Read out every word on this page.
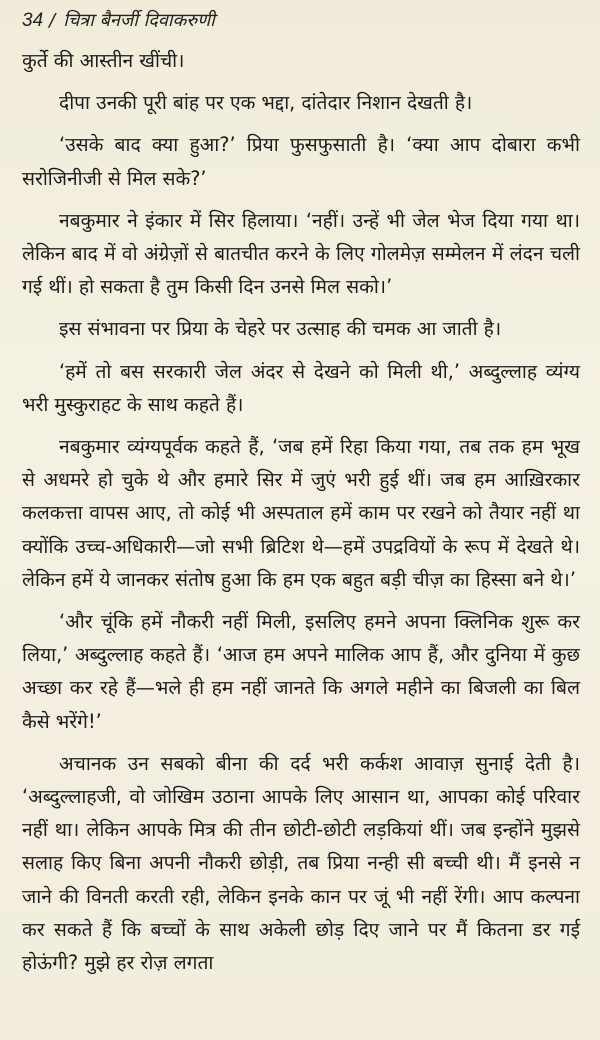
34 / चित्रा बैनर्जी दिवाकरुणी

कुर्ते की आस्तीन खींची।

दीपा उनकी पूरी बांह पर एक भद्दा, दांतेदार निशान देखती है।

‘उसके बाद क्या हुआ?’ प्रिया फुसफुसाती है। ‘क्या आप दोबारा कभी सरोजिनीजी से मिल सके?’

नबकुमार ने इंकार में सिर हिलाया। ‘नहीं। उन्हें भी जेल भेज दिया गया था। लेकिन बाद में वो अंग्रेज़ों से बातचीत करने के लिए गोलमेज़ सम्मेलन में लंदन चली गई थीं। हो सकता है तुम किसी दिन उनसे मिल सको।’

इस संभावना पर प्रिया के चेहरे पर उत्साह की चमक आ जाती है।

‘हमें तो बस सरकारी जेल अंदर से देखने को मिली थी,’ अब्दुल्लाह व्यंग्य भरी मुस्कुराहट के साथ कहते हैं।

नबकुमार व्यंग्यपूर्वक कहते हैं, ‘जब हमें रिहा किया गया, तब तक हम भूख से अधमरे हो चुके थे और हमारे सिर में जुएं भरी हुई थीं। जब हम आख़िरकार कलकत्ता वापस आए, तो कोई भी अस्पताल हमें काम पर रखने को तैयार नहीं था क्योंकि उच्च-अधिकारी—जो सभी ब्रिटिश थे—हमें उपद्रवियों के रूप में देखते थे। लेकिन हमें ये जानकर संतोष हुआ कि हम एक बहुत बड़ी चीज़ का हिस्सा बने थे।’

‘और चूंकि हमें नौकरी नहीं मिली, इसलिए हमने अपना क्लिनिक शुरू कर लिया,’ अब्दुल्लाह कहते हैं। ‘आज हम अपने मालिक आप हैं, और दुनिया में कुछ अच्छा कर रहे हैं—भले ही हम नहीं जानते कि अगले महीने का बिजली का बिल कैसे भरेंगे!’

अचानक उन सबको बीना की दर्द भरी कर्कश आवाज़ सुनाई देती है। ‘अब्दुल्लाहजी, वो जोखिम उठाना आपके लिए आसान था, आपका कोई परिवार नहीं था। लेकिन आपके मित्र की तीन छोटी-छोटी लड़कियां थीं। जब इन्होंने मुझसे सलाह किए बिना अपनी नौकरी छोड़ी, तब प्रिया नन्ही सी बच्ची थी। मैं इनसे न जाने की विनती करती रही, लेकिन इनके कान पर जूं भी नहीं रेंगी। आप कल्पना कर सकते हैं कि बच्चों के साथ अकेली छोड़ दिए जाने पर मैं कितना डर गई होऊंगी? मुझे हर रोज़ लगता
